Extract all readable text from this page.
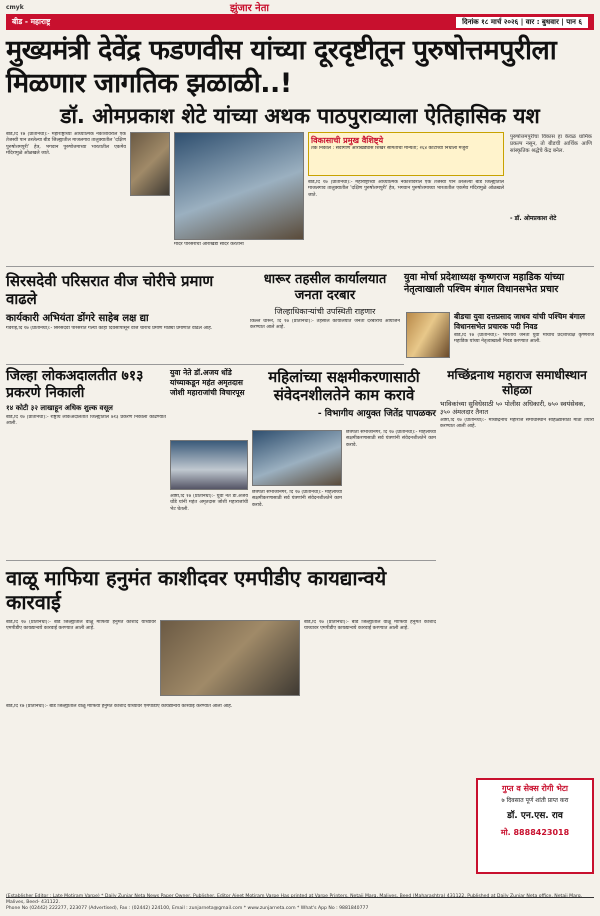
cmyk	झुंजार नेता
बीड - महाराष्ट्र	दिनांक १८ मार्च २०२६ | वार : बुधवार | पान ६
मुख्यमंत्री देवेंद्र फडणवीस यांच्या दूरदृष्टीतून पुरुषोत्तमपुरीला मिळणार जागतिक झळाळी..!
डॉ. ओमप्रकाश शेटे यांच्या अथक पाठपुराव्याला ऐतिहासिक यश
बीड,दि १७ (प्रतिनिधी):- महाराष्ट्राच्या आध्यात्मिक नकाशावरील एक तेजस्वी पान ठरलेल्या बीड जिल्ह्यातील माजलगाव तालुक्यातील 'दक्षिण पुरुषोत्तमपुरी' हेत्र, भगवान पुरुषोत्तमाच्या भारतातील एकमेव मंदिरामुळे ओळखले जाते.
मंदिर परिसराचा आराखडा सादर करताना
विकासाची प्रमुख वैशिष्ट्ये
तर्क निकाल : सर्वांगीण आराखड्यास शिखर समितीची मान्यता; २६४ कोटींच्या निधीला मंजुरी
बीड,दि १७ (प्रतिनिधी):- महाराष्ट्राच्या आध्यात्मिक नकाशावरील एक तेजस्वी पान ठरलेल्या बीड जिल्ह्यातील माजलगाव तालुक्यातील 'दक्षिण पुरुषोत्तमपुरी' हेत्र, भगवान पुरुषोत्तमाच्या भारतातील एकमेव मंदिरामुळे ओळखले जाते.
पुरुषोत्तमपुरीचा विकास हा केवळ धार्मिक प्रकल्प नसून, तो बीडची आर्थिक आणि सांस्कृतिक श्रद्धेचे केंद्र बनेल.
- डॉ. ओमप्रकाश शेटे
सिरसदेवी परिसरात वीज चोरीचे प्रमाण वाढले
कार्यकारी अभियंता डोंगरे साहेब लक्ष द्या
गेवराई,दि १७ (प्रतिनिधी):- सिरसदेवी परिसरात गेल्या काही दिवसांपासून वीज चोरीचे प्रमाण मोठ्या प्रमाणात वाढले आहे.
धारूर तहसील कार्यालयात जनता दरबार
जिल्हाधिकाऱ्यांची उपस्थिती राहणार
किल्ले धारूर, दि १७ (प्रतिनिधी):- तहसील कार्यालयात जनता दरबाराचे आयोजन करण्यात आले आहे.
युवा मोर्चा प्रदेशाध्यक्ष कृष्णराज महाडिक यांच्या नेतृत्वाखाली पश्चिम बंगाल विधानसभेत प्रचार
बीडचा युवा दत्तप्रसाद जाधव यांची पश्चिम बंगाल विधानसभेत प्रचारक पदी निवड
बीड,दि १७ (प्रतिनिधी):- भारतीय जनता युवा मोर्चाचे प्रदेशाध्यक्ष कृष्णराज महाडिक यांच्या नेतृत्वाखाली निवड करण्यात आली.
जिल्हा लोकअदालतीत ७१३ प्रकरणे निकाली
१४ कोटी ३२ लाखाहून अधिक शुल्क वसूल
बीड,दि १७ (प्रतिनिधी):- राष्ट्रीय लोकअदालतीत जिल्ह्यातील ७१३ प्रकरणे निकाली काढण्यात आली.
युवा नेते डॉ.अजय धोंडे यांच्याकडून महंत अमृतदास जोशी महाराजांची विचारपूस
आष्टी,दि १७ (प्रतिनिधी):- युवा नेते डॉ.अजय धोंडे यांनी महंत अमृतदास जोशी महाराजांची भेट घेतली.
महिलांच्या सक्षमीकरणासाठी संवेदनशीलतेने काम करावे
- विभागीय आयुक्त जितेंद्र पापळकर
छत्रपती संभाजीनगर, दि १७ (प्रतिनिधी):- महिलांच्या सक्षमीकरणासाठी सर्व यंत्रणांनी संवेदनशीलतेने काम करावे.
छत्रपती संभाजीनगर, दि १७ (प्रतिनिधी):- महिलांच्या सक्षमीकरणासाठी सर्व यंत्रणांनी संवेदनशीलतेने काम करावे.
मच्छिंद्रनाथ महाराज समाधीस्थान सोहळा
भाविकांच्या सुविधेसाठी ५० पोलीस अधिकारी, ७५० स्वयंसेवक, ३५० अंमलदार तैनात
आष्टी,दि १७ (प्रतिनिधी):- मच्छिंद्रनाथ महाराज समाधीस्थान सोहळ्यासाठी मोठी तयारी करण्यात आली आहे.
वाळू माफिया हनुमंत काशीदवर एमपीडीए कायद्यान्वये कारवाई
बीड,दि १७ (प्रतिनिधी):- बीड जिल्ह्यातील वाळू माफिया हनुमंत काशीद याच्यावर एमपीडीए कायद्यान्वये कारवाई करण्यात आली आहे.
बीड,दि १७ (प्रतिनिधी):- बीड जिल्ह्यातील वाळू माफिया हनुमंत काशीद याच्यावर एमपीडीए कायद्यान्वये कारवाई करण्यात आली आहे.
बीड,दि १७ (प्रतिनिधी):- बीड जिल्ह्यातील वाळू माफिया हनुमंत काशीद याच्यावर एमपीडीए कायद्यान्वये कारवाई करण्यात आली आहे.
गुप्त व सेक्स रोगी भेटा
७ दिवसात पूर्ण शांती प्राप्त करा
डॉ. एन.एस. राव
मो. 8888423018
(Establisher Editor : Late Motiram Varpe) * Daily Zunjar Neta News Paper Owner, Publisher, Editor Ajeet Motiram Varpe Has printed at Varpe Printers, Netaji Marg, Malives, Beed (Maharashtra) 431122. Published at Daily Zunjar Neta office, Netaji Marg, Malives, Beed- 431122.
Phone No (02442) 222277, 223077 (Advertised), Fax : (02442) 224100, Email : zunjarneta@gmail.com * www.zunjarneta.com * What's App No : 9881840777
